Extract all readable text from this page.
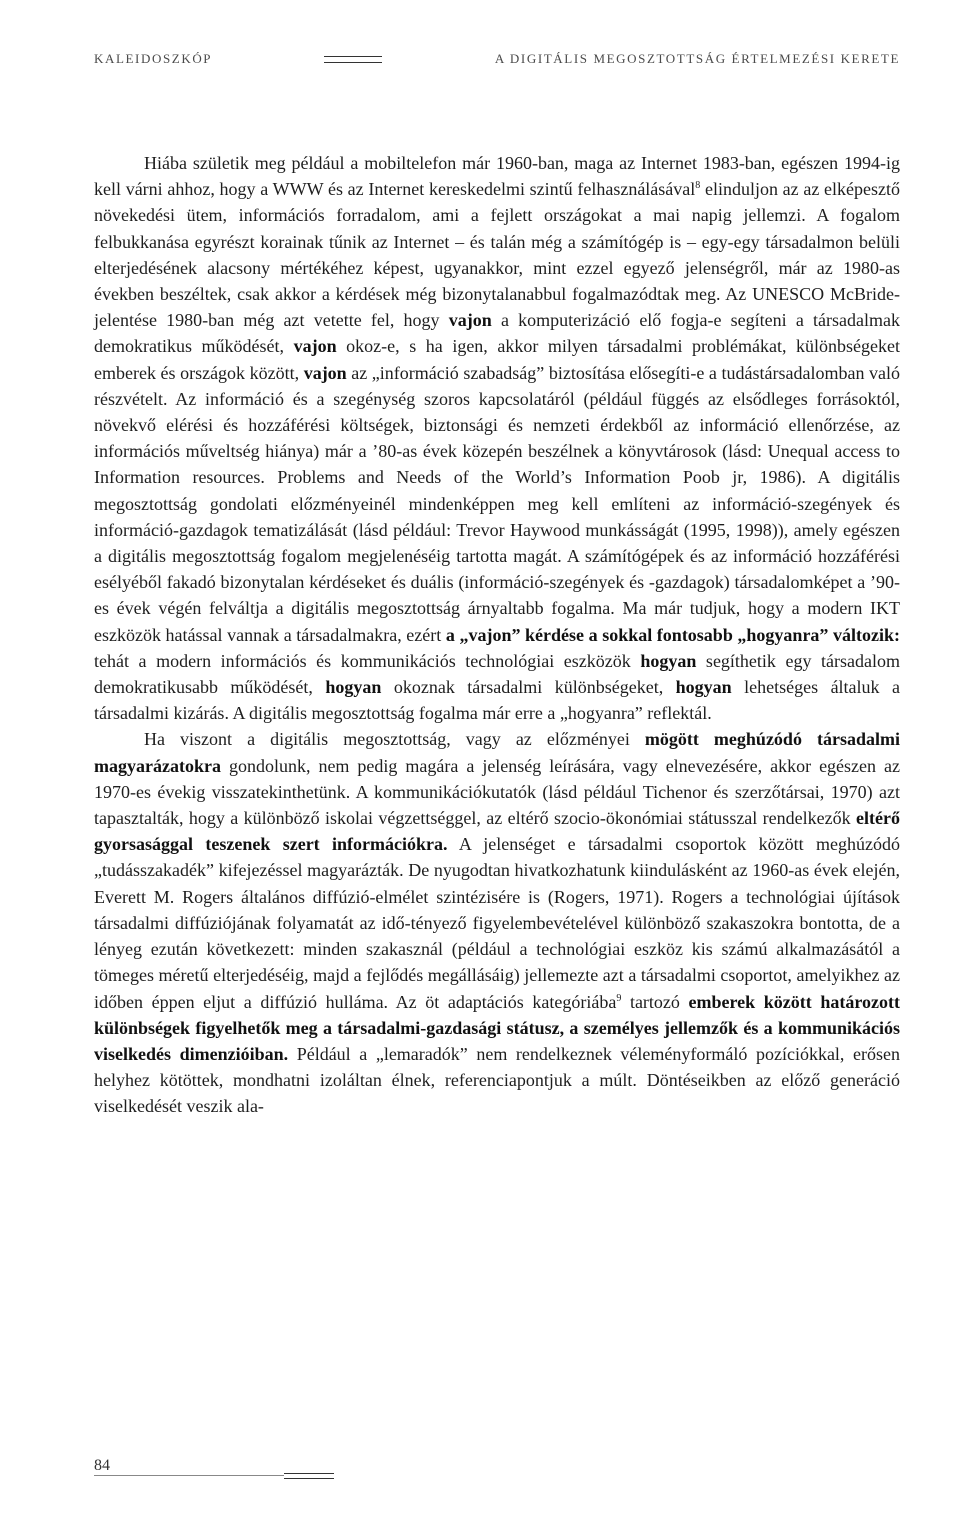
KALEIDOSZKÓP	A DIGITÁLIS MEGOSZTOTTSÁG ÉRTELMEZÉSI KERETE

Hiába születik meg például a mobiltelefon már 1960-ban, maga az Internet 1983-ban, egészen 1994-ig kell várni ahhoz, hogy a WWW és az Internet kereskedelmi szintű felhasználásával$^8$ elinduljon az az elképesztő növekedési ütem, információs forradalom, ami a fejlett országokat a mai napig jellemzi. A fogalom felbukkanása egyrészt korainak tűnik az Internet – és talán még a számítógép is – egy-egy társadalmon belüli elterjedésének alacsony mértékéhez képest, ugyanakkor, mint ezzel egyező jelenségről, már az 1980-as években beszéltek, csak akkor a kérdések még bizonytalanabbul fogalmazódtak meg. Az UNESCO McBride-jelentése 1980-ban még azt vetette fel, hogy vajon a komputerizáció elő fogja-e segíteni a társadalmak demokratikus működését, vajon okoz-e, s ha igen, akkor milyen társadalmi problémákat, különbségeket emberek és országok között, vajon az „információ szabadság” biztosítása elősegíti-e a tudástársadalomban való részvételt. Az információ és a szegénység szoros kapcsolatáról (például függés az elsődleges forrásoktól, növekvő elérési és hozzáférési költségek, biztonsági és nemzeti érdekből az információ ellenőrzése, az információs műveltség hiánya) már a ’80-as évek közepén beszélnek a könyvtárosok (lásd: Unequal access to Information resources. Problems and Needs of the World’s Information Poob jr, 1986). A digitális megosztottság gondolati előzményeinél mindenképpen meg kell említeni az információ-szegények és információ-gazdagok tematizálását (lásd például: Trevor Haywood munkásságát (1995, 1998)), amely egészen a digitális megosztottság fogalom megjelenéséig tartotta magát. A számítógépek és az információ hozzáférési esélyéből fakadó bizonytalan kérdéseket és duális (információ-szegények és -gazdagok) társadalomképet a ’90-es évek végén felváltja a digitális megosztottság árnyaltabb fogalma. Ma már tudjuk, hogy a modern IKT eszközök hatással vannak a társadalmakra, ezért a „vajon” kérdése a sokkal fontosabb „hogyanra” változik: tehát a modern információs és kommunikációs technológiai eszközök hogyan segíthetik egy társadalom demokratikusabb működését, hogyan okoznak társadalmi különbségeket, hogyan lehetséges általuk a társadalmi kizárás. A digitális megosztottság fogalma már erre a „hogyanra” reflektál.

Ha viszont a digitális megosztottság, vagy az előzményei mögött meghúzódó társadalmi magyarázatokra gondolunk, nem pedig magára a jelenség leírására, vagy elnevezésére, akkor egészen az 1970-es évekig visszatekinthetünk. A kommunikációkutatók (lásd például Tichenor és szerzőtársai, 1970) azt tapasztalták, hogy a különböző iskolai végzettséggel, az eltérő szocio-ökonómiai státusszal rendelkezők eltérő gyorsasággal teszenek szert információkra. A jelenséget e társadalmi csoportok között meghúzódó „tudásszakadék” kifejezéssel magyarázták. De nyugodtan hivatkozhatunk kiindulásként az 1960-as évek elején, Everett M. Rogers általános diffúzió-elmélet szintézisére is (Rogers, 1971). Rogers a technológiai újítások társadalmi diffúziójának folyamatát az idő-tényező figyelembevételével különböző szakaszokra bontotta, de a lényeg ezután következett: minden szakasznál (például a technológiai eszköz kis számú alkalmazásától a tömeges méretű elterjedéséig, majd a fejlődés megállásáig) jellemezte azt a társadalmi csoportot, amelyikhez az időben éppen eljut a diffúzió hulláma. Az öt adaptációs kategóriába$^9$ tartozó emberek között határozott különbségek figyelhetők meg a társadalmi-gazdasági státusz, a személyes jellemzők és a kommunikációs viselkedés dimenzióiban. Például a „lemaradók” nem rendelkeznek véleményformáló pozíciókkal, erősen helyhez kötöttek, mondhatni izoláltan élnek, referenciapontjuk a múlt. Döntéseikben az előző generáció viselkedését veszik ala-

84
